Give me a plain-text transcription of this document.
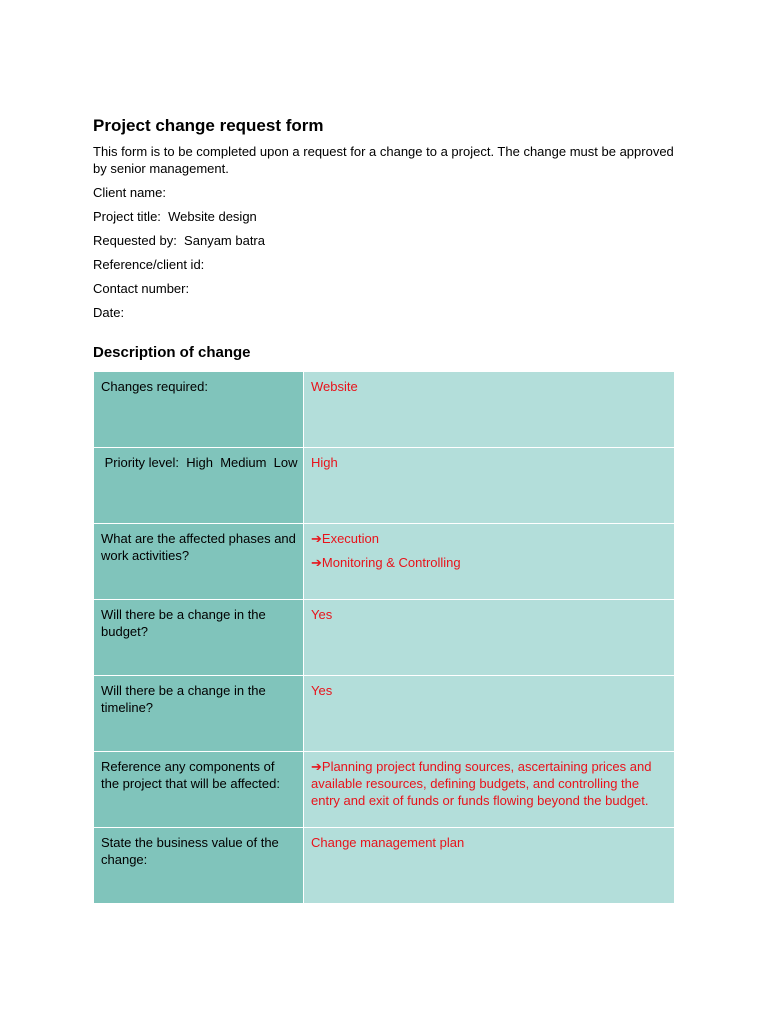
Project change request form

This form is to be completed upon a request for a change to a project. The change must be approved by senior management.

Client name:

Project title:  Website design

Requested by:  Sanyam batra

Reference/client id:

Contact number:

Date:

Description of change
Changes required:	Website

Priority level:  High  Medium  Low	High

What are the affected phases and work activities?	➔Execution

➔Monitoring & Controlling

Will there be a change in the budget?	Yes

Will there be a change in the timeline?	Yes

Reference any components of the project that will be affected:	➔Planning project funding sources, ascertaining prices and available resources, defining budgets, and controlling the entry and exit of funds or funds flowing beyond the budget.

State the business value of the change:	Change management plan
